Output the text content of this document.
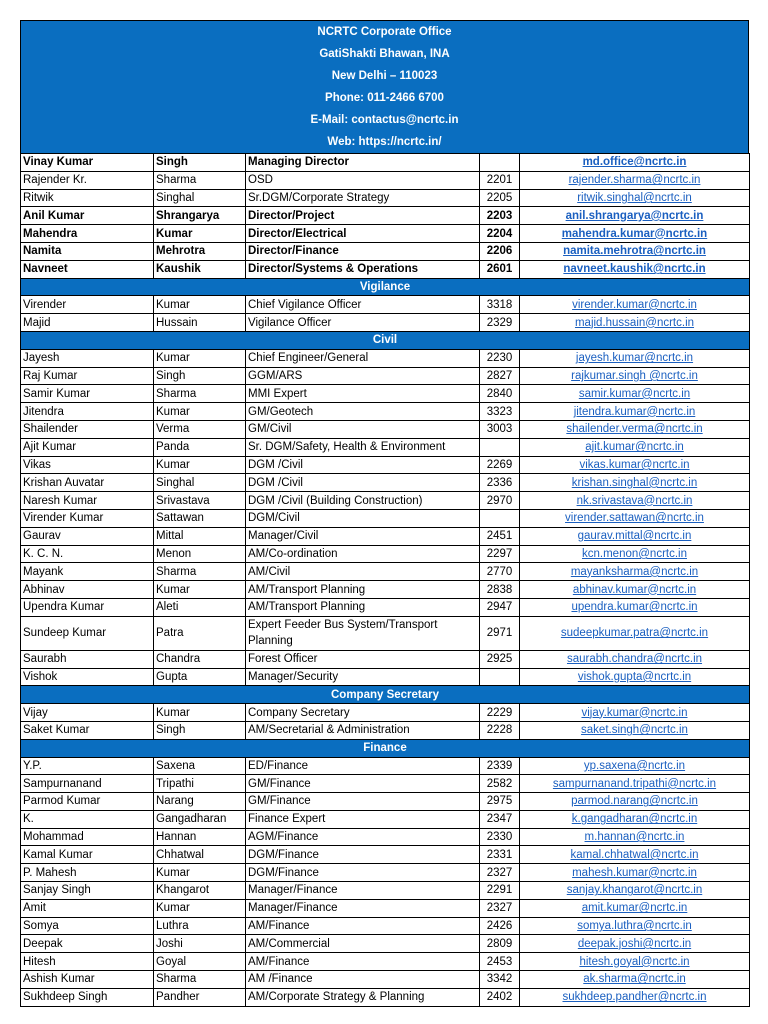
NCRTC Corporate Office
GatiShakti Bhawan, INA
New Delhi – 110023
Phone: 011-2466 6700
E-Mail: contactus@ncrtc.in
Web: https://ncrtc.in/
Vinay Kumar	Singh	Managing Director		md.office@ncrtc.in
Rajender Kr.	Sharma	OSD	2201	rajender.sharma@ncrtc.in
Ritwik	Singhal	Sr.DGM/Corporate Strategy	2205	ritwik.singhal@ncrtc.in
Anil Kumar	Shrangarya	Director/Project	2203	anil.shrangarya@ncrtc.in
Mahendra	Kumar	Director/Electrical	2204	mahendra.kumar@ncrtc.in
Namita	Mehrotra	Director/Finance	2206	namita.mehrotra@ncrtc.in
Navneet	Kaushik	Director/Systems & Operations	2601	navneet.kaushik@ncrtc.in
Vigilance				
Virender	Kumar	Chief Vigilance Officer	3318	virender.kumar@ncrtc.in
Majid	Hussain	Vigilance Officer	2329	majid.hussain@ncrtc.in
Civil				
Jayesh	Kumar	Chief Engineer/General	2230	jayesh.kumar@ncrtc.in
Raj Kumar	Singh	GGM/ARS	2827	rajkumar.singh @ncrtc.in
Samir Kumar	Sharma	MMI Expert	2840	samir.kumar@ncrtc.in
Jitendra	Kumar	GM/Geotech	3323	jitendra.kumar@ncrtc.in
Shailender	Verma	GM/Civil	3003	shailender.verma@ncrtc.in
Ajit Kumar	Panda	Sr. DGM/Safety, Health & Environment		ajit.kumar@ncrtc.in
Vikas	Kumar	DGM /Civil	2269	vikas.kumar@ncrtc.in
Krishan Auvatar	Singhal	DGM /Civil	2336	krishan.singhal@ncrtc.in
Naresh Kumar	Srivastava	DGM /Civil (Building Construction)	2970	nk.srivastava@ncrtc.in
Virender Kumar	Sattawan	DGM/Civil		virender.sattawan@ncrtc.in
Gaurav	Mittal	Manager/Civil	2451	gaurav.mittal@ncrtc.in
K. C. N.	Menon	AM/Co-ordination	2297	kcn.menon@ncrtc.in
Mayank	Sharma	AM/Civil	2770	mayanksharma@ncrtc.in
Abhinav	Kumar	AM/Transport Planning	2838	abhinav.kumar@ncrtc.in
Upendra Kumar	Aleti	AM/Transport Planning	2947	upendra.kumar@ncrtc.in
Sundeep Kumar	Patra	Expert Feeder Bus System/Transport Planning	2971	sudeepkumar.patra@ncrtc.in
Saurabh	Chandra	Forest Officer	2925	saurabh.chandra@ncrtc.in
Vishok	Gupta	Manager/Security		vishok.gupta@ncrtc.in
Company Secretary				
Vijay	Kumar	Company Secretary	2229	vijay.kumar@ncrtc.in
Saket Kumar	Singh	AM/Secretarial & Administration	2228	saket.singh@ncrtc.in
Finance				
Y.P.	Saxena	ED/Finance	2339	yp.saxena@ncrtc.in
Sampurnanand	Tripathi	GM/Finance	2582	sampurnanand.tripathi@ncrtc.in
Parmod Kumar	Narang	GM/Finance	2975	parmod.narang@ncrtc.in
K.	Gangadharan	Finance Expert	2347	k.gangadharan@ncrtc.in
Mohammad	Hannan	AGM/Finance	2330	m.hannan@ncrtc.in
Kamal Kumar	Chhatwal	DGM/Finance	2331	kamal.chhatwal@ncrtc.in
P. Mahesh	Kumar	DGM/Finance	2327	mahesh.kumar@ncrtc.in
Sanjay Singh	Khangarot	Manager/Finance	2291	sanjay.khangarot@ncrtc.in
Amit	Kumar	Manager/Finance	2327	amit.kumar@ncrtc.in
Somya	Luthra	AM/Finance	2426	somya.luthra@ncrtc.in
Deepak	Joshi	AM/Commercial	2809	deepak.joshi@ncrtc.in
Hitesh	Goyal	AM/Finance	2453	hitesh.goyal@ncrtc.in
Ashish Kumar	Sharma	AM /Finance	3342	ak.sharma@ncrtc.in
Sukhdeep Singh	Pandher	AM/Corporate Strategy & Planning	2402	sukhdeep.pandher@ncrtc.in
